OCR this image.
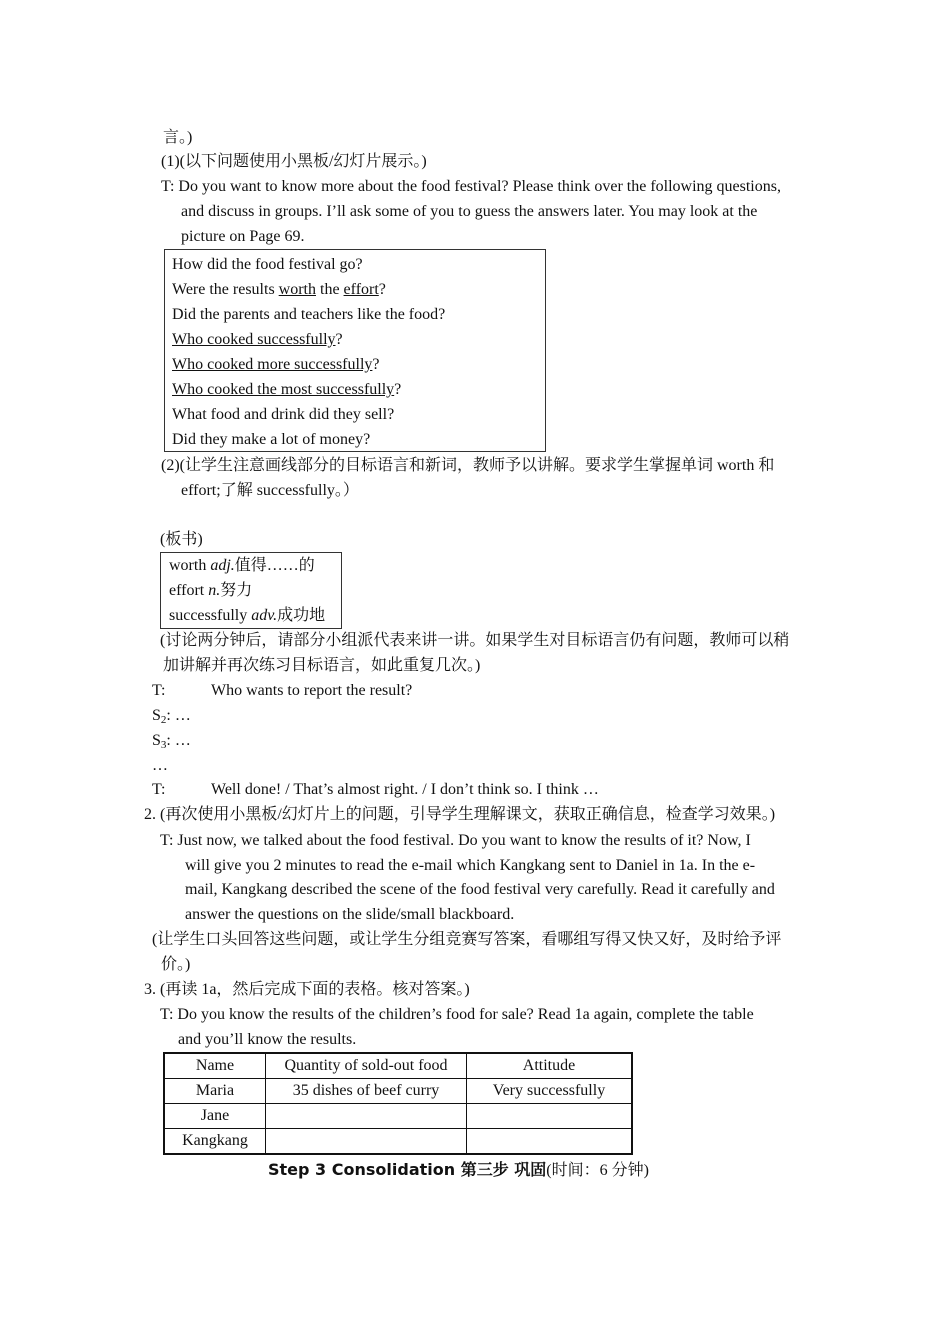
言。)
(1)(以下问题使用小黑板/幻灯片展示。)
T: Do you want to know more about the food festival? Please think over the following questions,
and discuss in groups. I’ll ask some of you to guess the answers later. You may look at the
picture on Page 69.
How did the food festival go?
Were the results worth the effort?
Did the parents and teachers like the food?
Who cooked successfully?
Who cooked more successfully?
Who cooked the most successfully?
What food and drink did they sell?
Did they make a lot of money?
(2)(让学生注意画线部分的目标语言和新词，教师予以讲解。要求学生掌握单词 worth 和
effort;了解 successfully。）
(板书)
worth adj.值得……的
effort n.努力
successfully adv.成功地
(讨论两分钟后，请部分小组派代表来讲一讲。如果学生对目标语言仍有问题，教师可以稍
加讲解并再次练习目标语言，如此重复几次。)
T:	Who wants to report the result?
$S_2$: …
$S_3$: …
…
T:	Well done! / That’s almost right. / I don’t think so. I think …
2. (再次使用小黑板/幻灯片上的问题，引导学生理解课文，获取正确信息，检查学习效果。)
T: Just now, we talked about the food festival. Do you want to know the results of it? Now, I
will give you 2 minutes to read the e-mail which Kangkang sent to Daniel in 1a. In the e-
mail, Kangkang described the scene of the food festival very carefully. Read it carefully and
answer the questions on the slide/small blackboard.
(让学生口头回答这些问题，或让学生分组竞赛写答案，看哪组写得又快又好，及时给予评
价。)
3. (再读 1a，然后完成下面的表格。核对答案。)
T: Do you know the results of the children’s food for sale? Read 1a again, complete the table
and you’ll know the results.
Name	Quantity of sold-out food	Attitude
Maria	35 dishes of beef curry	Very successfully
Jane		
Kangkang		
Step 3 Consolidation 第三步 巩固(时间：6 分钟)
